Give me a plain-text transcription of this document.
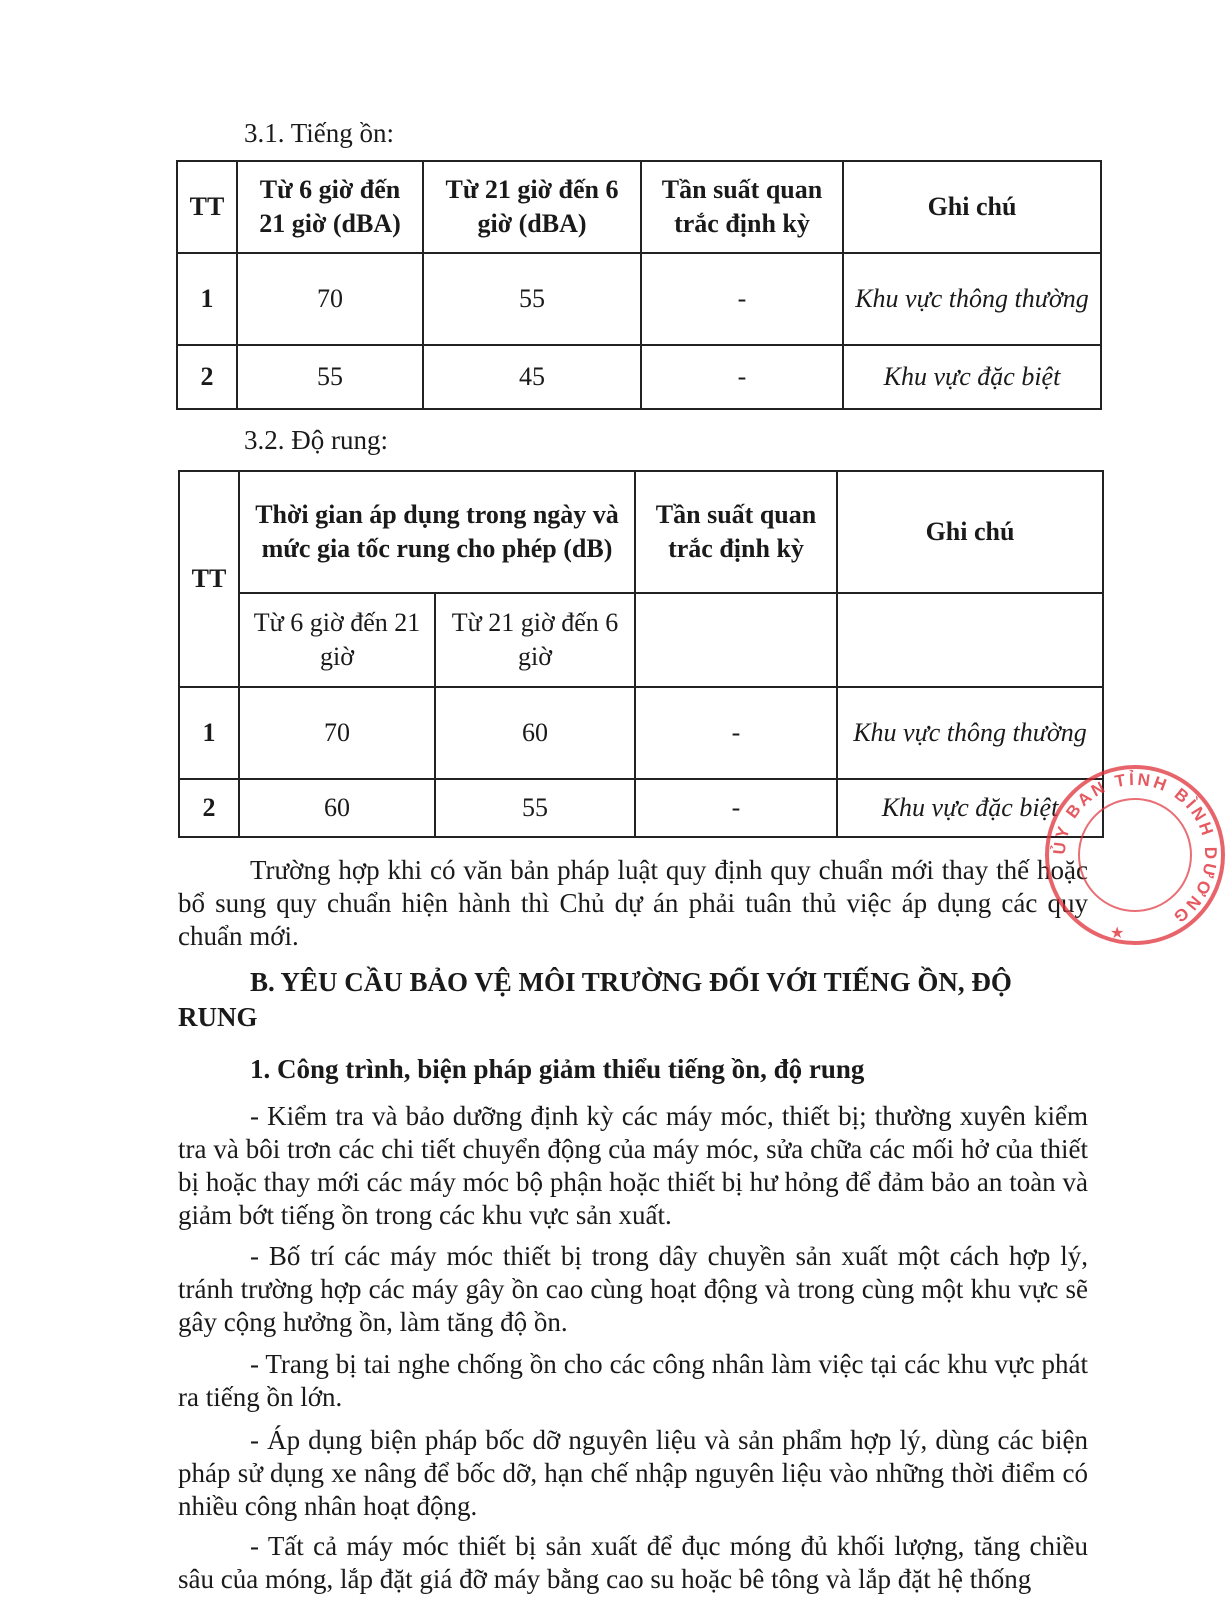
3.1. Tiếng ồn:
TT	Từ 6 giờ đến 21 giờ (dBA)	Từ 21 giờ đến 6 giờ (dBA)	Tần suất quan trắc định kỳ	Ghi chú
1	70	55	-	Khu vực thông thường
2	55	45	-	Khu vực đặc biệt
3.2. Độ rung:
TT	Thời gian áp dụng trong ngày và mức gia tốc rung cho phép (dB)		Tần suất quan trắc định kỳ	Ghi chú
	Từ 6 giờ đến 21 giờ	Từ 21 giờ đến 6 giờ		
1	70	60	-	Khu vực thông thường
2	60	55	-	Khu vực đặc biệt

Trường hợp khi có văn bản pháp luật quy định quy chuẩn mới thay thế hoặc bổ sung quy chuẩn hiện hành thì Chủ dự án phải tuân thủ việc áp dụng các quy chuẩn mới.

B. YÊU CẦU BẢO VỆ MÔI TRƯỜNG ĐỐI VỚI TIẾNG ỒN, ĐỘ RUNG

1. Công trình, biện pháp giảm thiểu tiếng ồn, độ rung

- Kiểm tra và bảo dưỡng định kỳ các máy móc, thiết bị; thường xuyên kiểm tra và bôi trơn các chi tiết chuyển động của máy móc, sửa chữa các mối hở của thiết bị hoặc thay mới các máy móc bộ phận hoặc thiết bị hư hỏng để đảm bảo an toàn và giảm bớt tiếng ồn trong các khu vực sản xuất.

- Bố trí các máy móc thiết bị trong dây chuyền sản xuất một cách hợp lý, tránh trường hợp các máy gây ồn cao cùng hoạt động và trong cùng một khu vực sẽ gây cộng hưởng ồn, làm tăng độ ồn.

- Trang bị tai nghe chống ồn cho các công nhân làm việc tại các khu vực phát ra tiếng ồn lớn.

- Áp dụng biện pháp bốc dỡ nguyên liệu và sản phẩm hợp lý, dùng các biện pháp sử dụng xe nâng để bốc dỡ, hạn chế nhập nguyên liệu vào những thời điểm có nhiều công nhân hoạt động.

- Tất cả máy móc thiết bị sản xuất để đục móng đủ khối lượng, tăng chiều sâu của móng, lắp đặt giá đỡ máy bằng cao su hoặc bê tông và lắp đặt hệ thống

ỦY BAN TỈNH BÌNH DƯƠNG
★
